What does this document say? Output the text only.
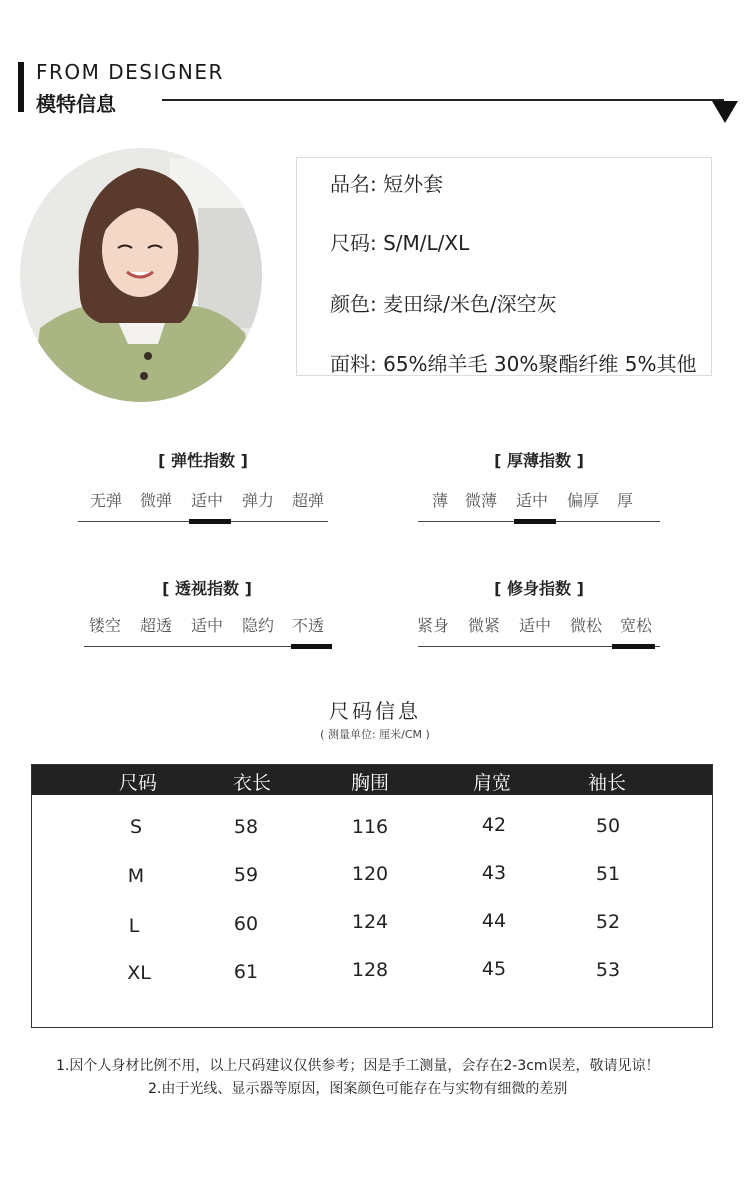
FROM DESIGNER
模特信息
品名: 短外套
尺码: S/M/L/XL
颜色: 麦田绿/米色/深空灰
面料: 65%绵羊毛 30%聚酯纤维 5%其他
[ 弹性指数 ]
无弹 微弹 适中 弹力 超弹
[ 厚薄指数 ]
薄 微薄 适中 偏厚 厚
[ 透视指数 ]
镂空 超透 适中 隐约 不透
[ 修身指数 ]
紧身 微紧 适中 微松 宽松
尺码信息
( 测量单位: 厘米/CM )
尺码	衣长	胸围	肩宽	袖长
S	58	116	42	50
M	59	120	43	51
L	60	124	44	52
XL	61	128	45	53
1.因个人身材比例不用，以上尺码建议仅供参考；因是手工测量，会存在2-3cm误差，敬请见谅！
2.由于光线、显示器等原因，图案颜色可能存在与实物有细微的差别
